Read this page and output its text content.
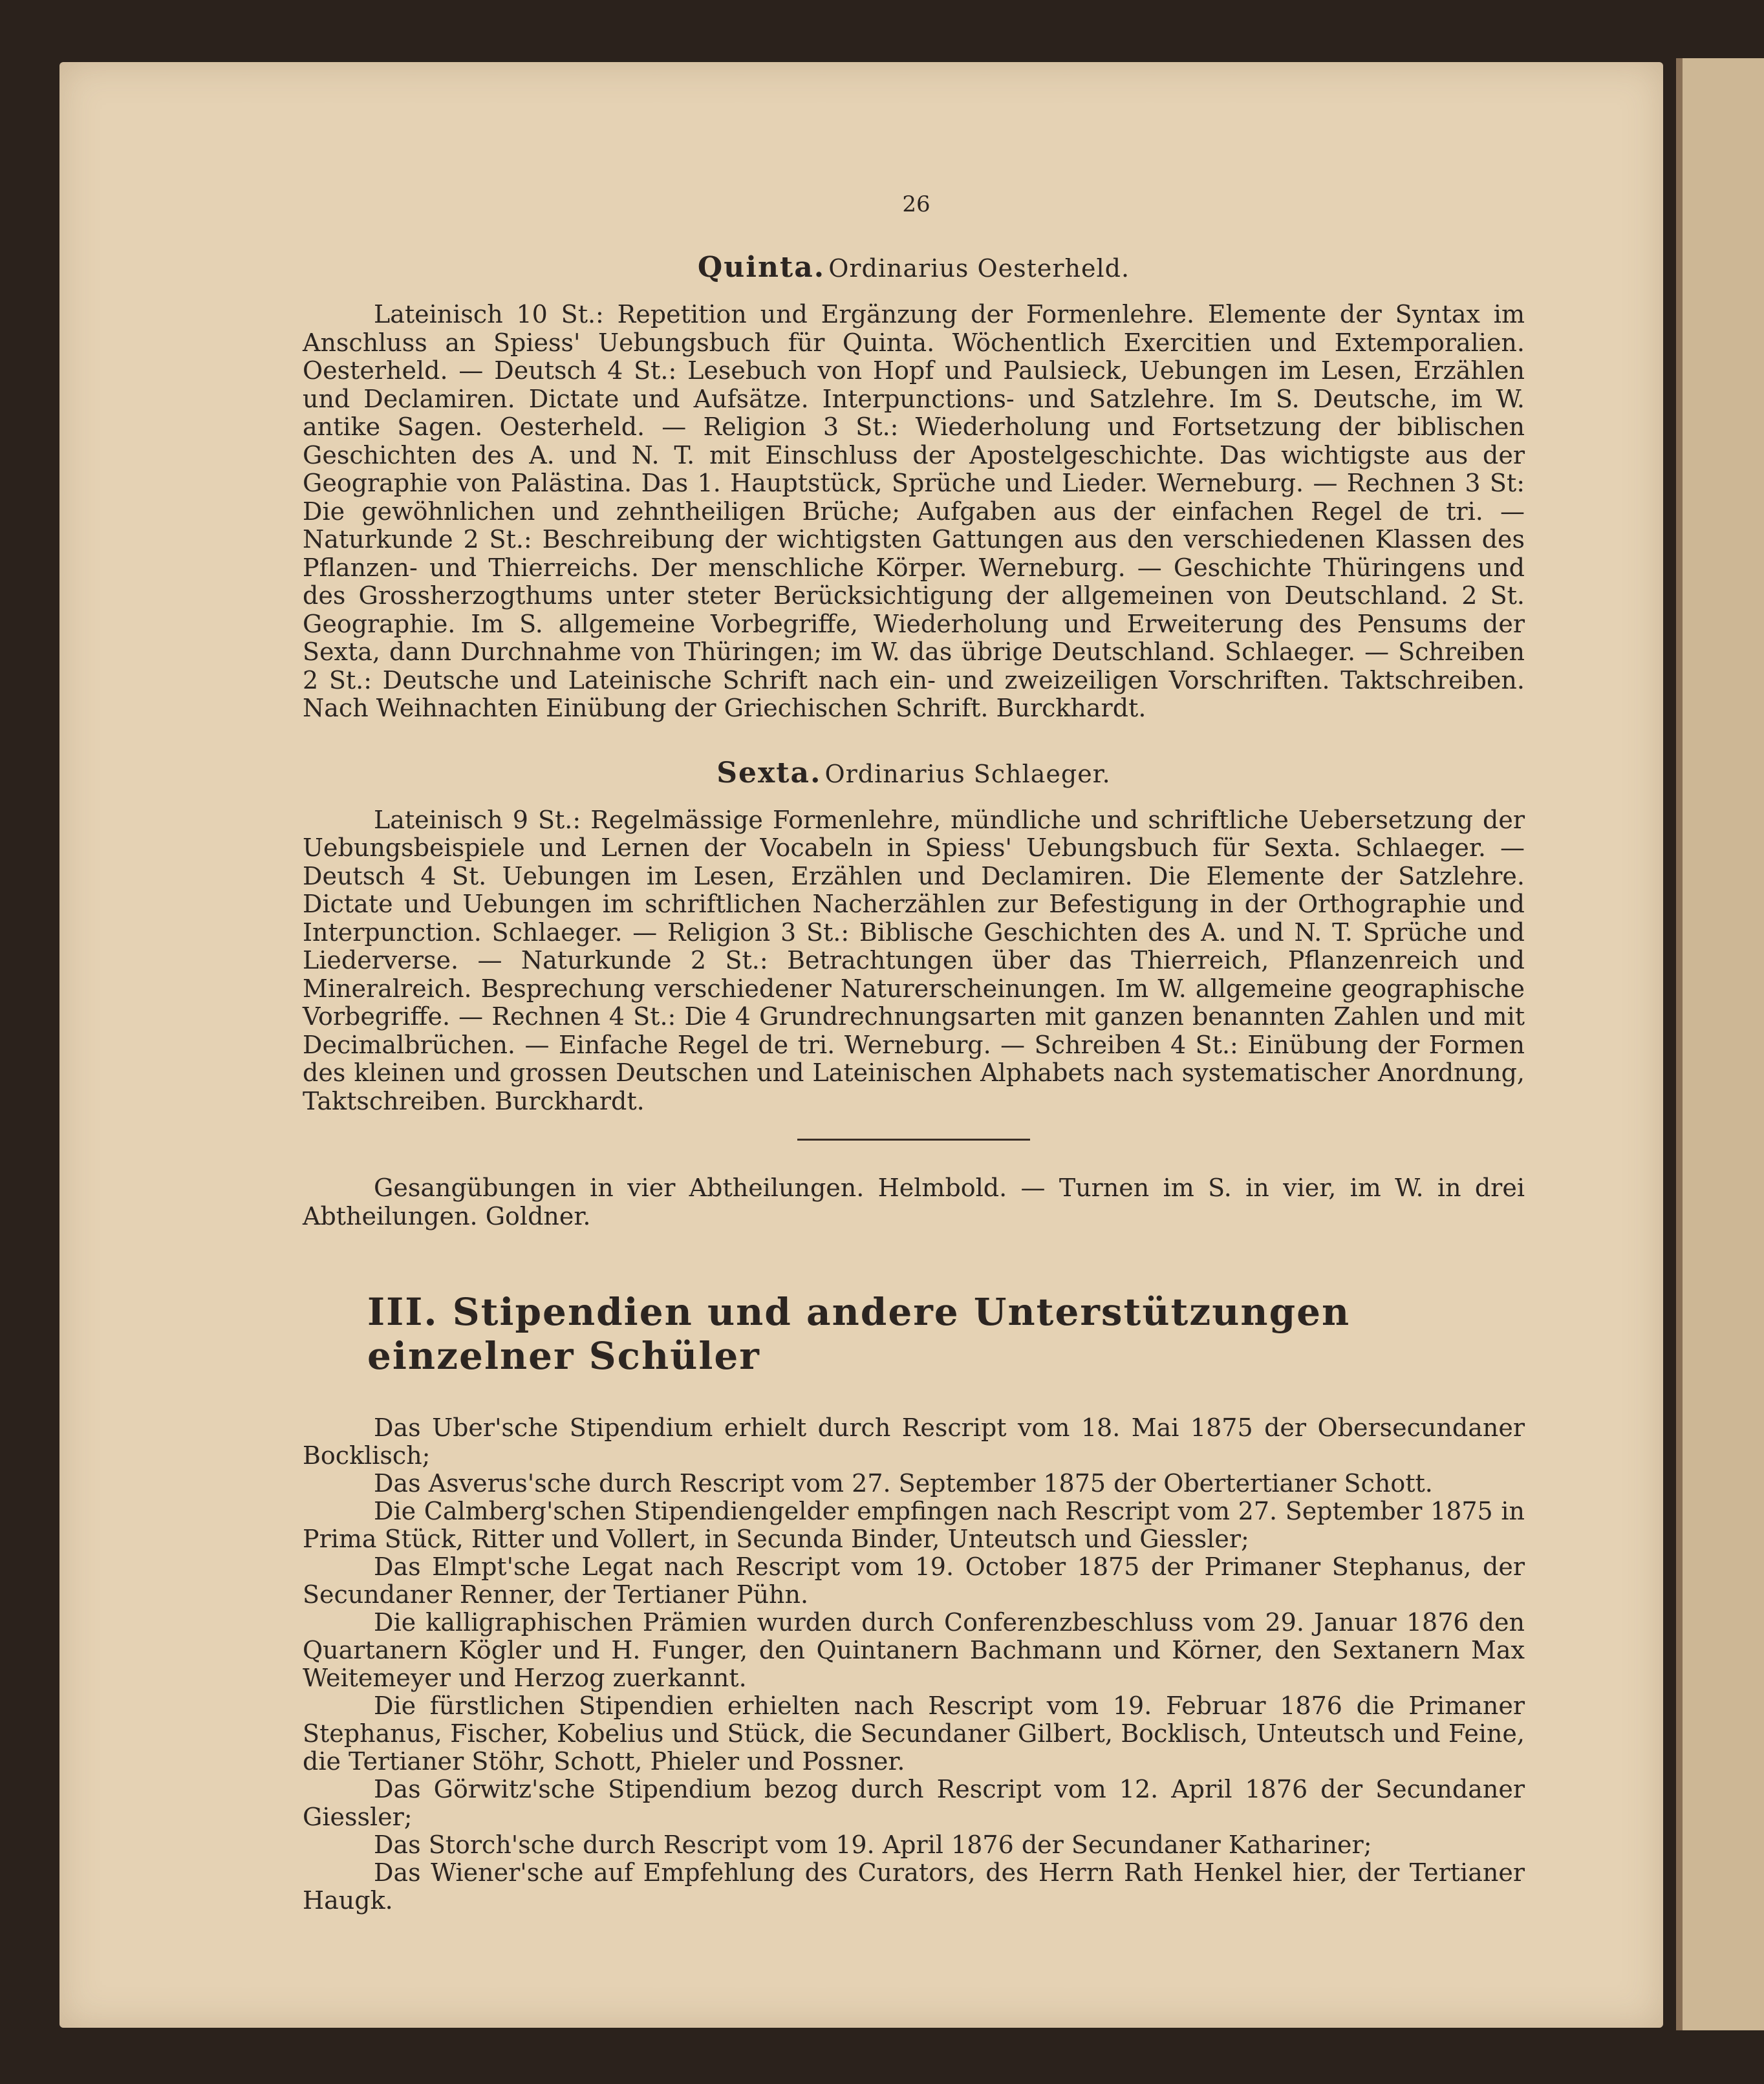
26
Quinta. Ordinarius Oesterheld.

Lateinisch 10 St.: Repetition und Ergänzung der Formenlehre. Elemente der Syntax im Anschluss an Spiess' Uebungsbuch für Quinta. Wöchentlich Exercitien und Extemporalien. Oesterheld. — Deutsch 4 St.: Lesebuch von Hopf und Paulsieck, Uebungen im Lesen, Erzählen und Declamiren. Dictate und Aufsätze. Interpunctions- und Satzlehre. Im S. Deutsche, im W. antike Sagen. Oesterheld. — Religion 3 St.: Wiederholung und Fortsetzung der biblischen Geschichten des A. und N. T. mit Einschluss der Apostelgeschichte. Das wichtigste aus der Geographie von Palästina. Das 1. Hauptstück, Sprüche und Lieder. Werneburg. — Rechnen 3 St: Die gewöhnlichen und zehntheiligen Brüche; Aufgaben aus der einfachen Regel de tri. — Naturkunde 2 St.: Beschreibung der wichtigsten Gattungen aus den verschiedenen Klassen des Pflanzen- und Thierreichs. Der menschliche Körper. Werneburg. — Geschichte Thüringens und des Grossherzogthums unter steter Berücksichtigung der allgemeinen von Deutschland. 2 St. Geographie. Im S. allgemeine Vorbegriffe, Wiederholung und Erweiterung des Pensums der Sexta, dann Durchnahme von Thüringen; im W. das übrige Deutschland. Schlaeger. — Schreiben 2 St.: Deutsche und Lateinische Schrift nach ein- und zweizeiligen Vorschriften. Taktschreiben. Nach Weihnachten Einübung der Griechischen Schrift. Burckhardt.

Sexta. Ordinarius Schlaeger.

Lateinisch 9 St.: Regelmässige Formenlehre, mündliche und schriftliche Uebersetzung der Uebungsbeispiele und Lernen der Vocabeln in Spiess' Uebungsbuch für Sexta. Schlaeger. — Deutsch 4 St. Uebungen im Lesen, Erzählen und Declamiren. Die Elemente der Satzlehre. Dictate und Uebungen im schriftlichen Nacherzählen zur Befestigung in der Orthographie und Interpunction. Schlaeger. — Religion 3 St.: Biblische Geschichten des A. und N. T. Sprüche und Liederverse. — Naturkunde 2 St.: Betrachtungen über das Thierreich, Pflanzenreich und Mineralreich. Besprechung verschiedener Naturerscheinungen. Im W. allgemeine geographische Vorbegriffe. — Rechnen 4 St.: Die 4 Grundrechnungsarten mit ganzen benannten Zahlen und mit Decimalbrüchen. — Einfache Regel de tri. Werneburg. — Schreiben 4 St.: Einübung der Formen des kleinen und grossen Deutschen und Lateinischen Alphabets nach systematischer Anordnung, Taktschreiben. Burckhardt.

Gesangübungen in vier Abtheilungen. Helmbold. — Turnen im S. in vier, im W. in drei Abtheilungen. Goldner.

III. Stipendien und andere Unterstützungen einzelner Schüler
Das Uber'sche Stipendium erhielt durch Rescript vom 18. Mai 1875 der Obersecundaner Bocklisch;
Das Asverus'sche durch Rescript vom 27. September 1875 der Obertertianer Schott.
Die Calmberg'schen Stipendiengelder empfingen nach Rescript vom 27. September 1875 in Prima Stück, Ritter und Vollert, in Secunda Binder, Unteutsch und Giessler;
Das Elmpt'sche Legat nach Rescript vom 19. October 1875 der Primaner Stephanus, der Secundaner Renner, der Tertianer Pühn.
Die kalligraphischen Prämien wurden durch Conferenzbeschluss vom 29. Januar 1876 den Quartanern Kögler und H. Funger, den Quintanern Bachmann und Körner, den Sextanern Max Weitemeyer und Herzog zuerkannt.
Die fürstlichen Stipendien erhielten nach Rescript vom 19. Februar 1876 die Primaner Stephanus, Fischer, Kobelius und Stück, die Secundaner Gilbert, Bocklisch, Unteutsch und Feine, die Tertianer Stöhr, Schott, Phieler und Possner.
Das Görwitz'sche Stipendium bezog durch Rescript vom 12. April 1876 der Secundaner Giessler;
Das Storch'sche durch Rescript vom 19. April 1876 der Secundaner Kathariner;
Das Wiener'sche auf Empfehlung des Curators, des Herrn Rath Henkel hier, der Tertianer Haugk.
